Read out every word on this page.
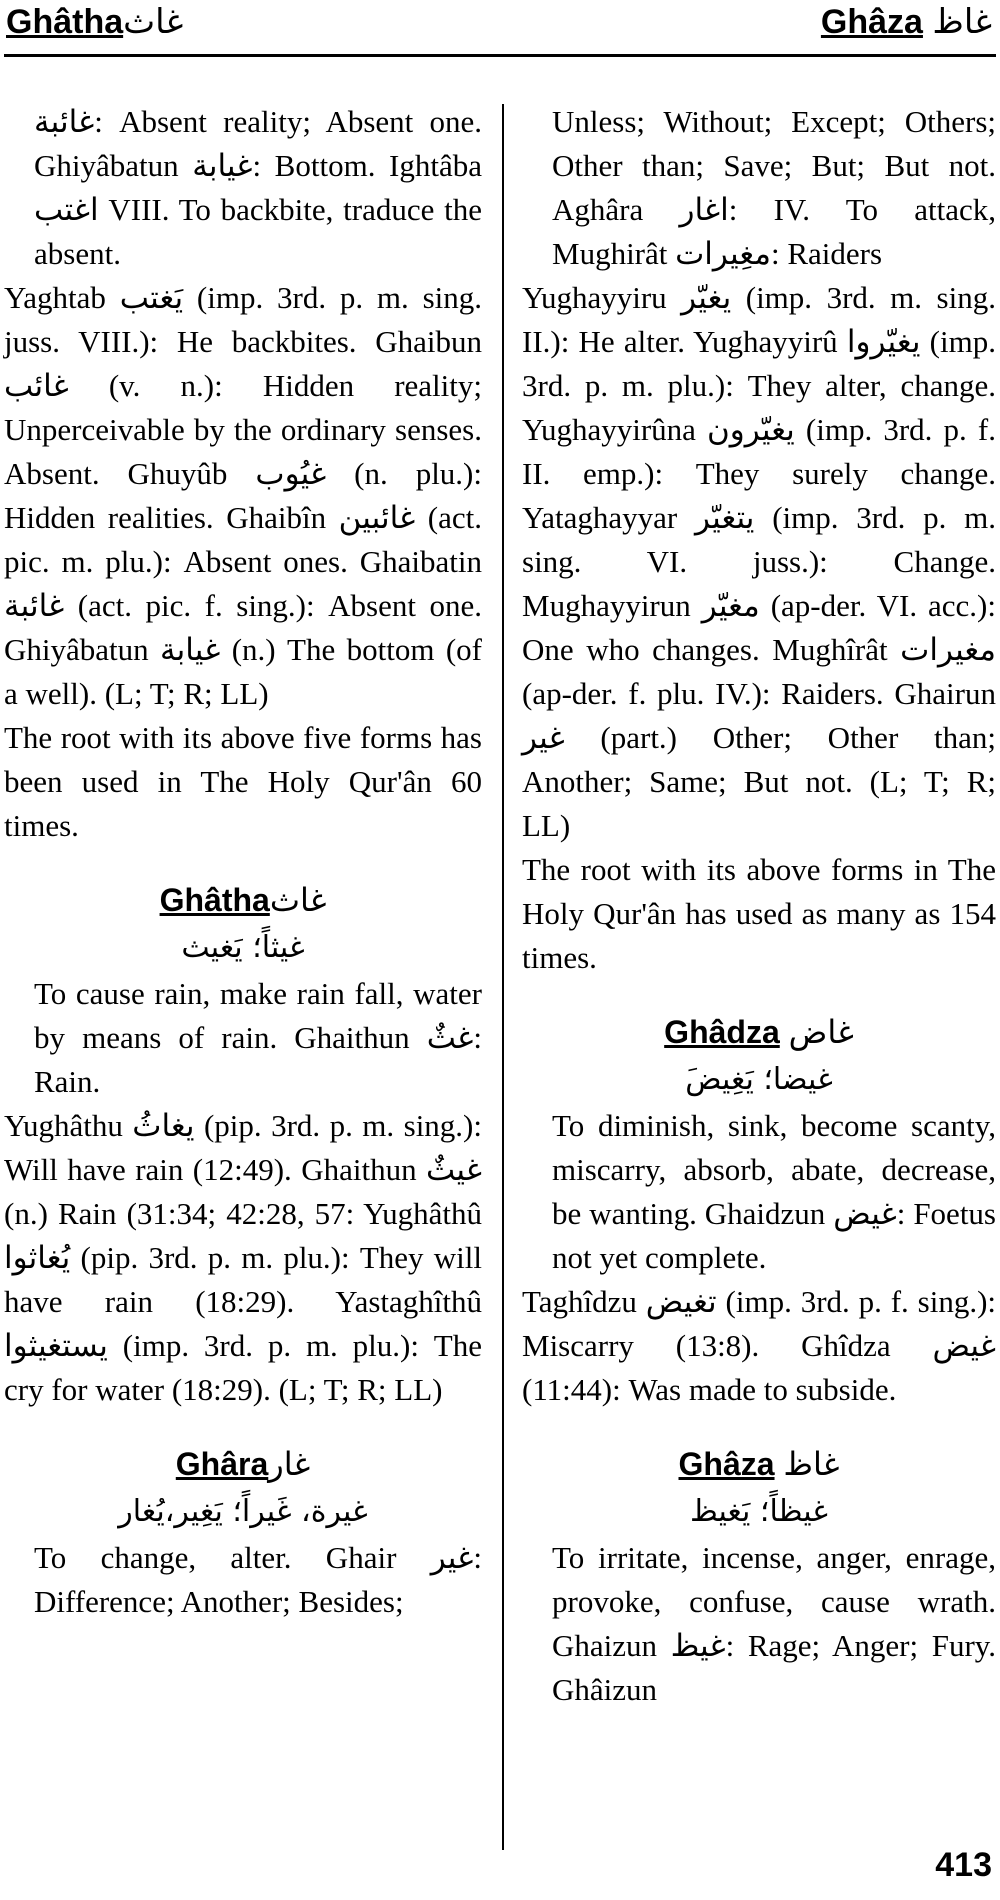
Ghâthaغاث	Ghâza غاظ

غائبة: Absent reality; Absent one. Ghiyâbatun غيابة: Bottom. Ightâba اغتب VIII. To backbite, traduce the absent.

Yaghtab يَغتب (imp. 3rd. p. m. sing. juss. VIII.): He backbites. Ghaibun غائب (v. n.): Hidden reality; Unperceivable by the ordinary senses. Absent. Ghuyûb غيُوب (n. plu.): Hidden realities. Ghaibîn غائبين (act. pic. m. plu.): Absent ones. Ghaibatin غائبة (act. pic. f. sing.): Absent one. Ghiyâbatun غيابة (n.) The bottom (of a well). (L; T; R; LL)

The root with its above five forms has been used in The Holy Qur'ân 60 times.

Ghâthaغاث
غيثاً؛ يَغيث

To cause rain, make rain fall, water by means of rain. Ghaithun غثٌ: Rain.

Yughâthu يغاثُ (pip. 3rd. p. m. sing.): Will have rain (12:49). Ghaithun غيثٌ (n.) Rain (31:34; 42:28, 57: Yughâthû يُغاثوا (pip. 3rd. p. m. plu.): They will have rain (18:29). Yastaghîthû يستغيثوا (imp. 3rd. p. m. plu.): The cry for water (18:29). (L; T; R; LL)

Ghâraغار
غيرة، غَيراً؛ يَغِير،يُغار

To change, alter. Ghair غير: Difference; Another; Besides;

Unless; Without; Except; Others; Other than; Save; But; But not. Aghâra اغار: IV. To attack, Mughirât مغِيرات: Raiders

Yughayyiru يغيّر (imp. 3rd. m. sing. II.): He alter. Yughayyirû يغيّروا (imp. 3rd. p. m. plu.): They alter, change. Yughayyirûna يغيّرون (imp. 3rd. p. f. II. emp.): They surely change. Yataghayyar يتغيّر (imp. 3rd. p. m. sing. VI. juss.): Change. Mughayyirun مغيّر (ap-der. VI. acc.): One who changes. Mughîrât مغيرات (ap-der. f. plu. IV.): Raiders. Ghairun غير (part.) Other; Other than; Another; Same; But not. (L; T; R; LL)

The root with its above forms in The Holy Qur'ân has used as many as 154 times.

Ghâdza غاض
َغيضا؛ يَغِيض

To diminish, sink, become scanty, miscarry, absorb, abate, decrease, be wanting. Ghaidzun غيض: Foetus not yet complete.

Taghîdzu تغيض (imp. 3rd. p. f. sing.): Miscarry (13:8). Ghîdza غيض (11:44): Was made to subside.

Ghâza غاظ
غيظاً؛ يَغيظ

To irritate, incense, anger, enrage, provoke, confuse, cause wrath. Ghaizun غيظ: Rage; Anger; Fury. Ghâizun

413
